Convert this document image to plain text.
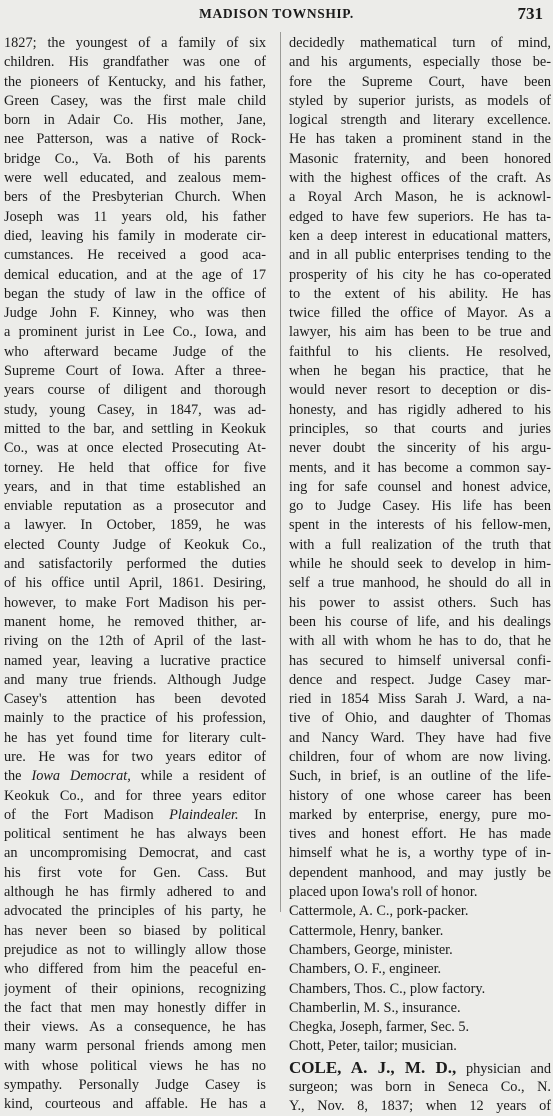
MADISON TOWNSHIP.	731
1827; the youngest of a family of six
children. His grandfather was one of
the pioneers of Kentucky, and his father,
Green Casey, was the first male child
born in Adair Co. His mother, Jane,
nee Patterson, was a native of Rock-
bridge Co., Va. Both of his parents
were well educated, and zealous mem-
bers of the Presbyterian Church. When
Joseph was 11 years old, his father
died, leaving his family in moderate cir-
cumstances. He received a good aca-
demical education, and at the age of 17
began the study of law in the office of
Judge John F. Kinney, who was then
a prominent jurist in Lee Co., Iowa, and
who afterward became Judge of the
Supreme Court of Iowa. After a three-
years course of diligent and thorough
study, young Casey, in 1847, was ad-
mitted to the bar, and settling in Keokuk
Co., was at once elected Prosecuting At-
torney. He held that office for five
years, and in that time established an
enviable reputation as a prosecutor and
a lawyer. In October, 1859, he was
elected County Judge of Keokuk Co.,
and satisfactorily performed the duties
of his office until April, 1861. Desiring,
however, to make Fort Madison his per-
manent home, he removed thither, ar-
riving on the 12th of April of the last-
named year, leaving a lucrative practice
and many true friends. Although Judge
Casey's attention has been devoted
mainly to the practice of his profession,
he has yet found time for literary cult-
ure. He was for two years editor of
the Iowa Democrat, while a resident of
Keokuk Co., and for three years editor
of the Fort Madison Plaindealer. In
political sentiment he has always been
an uncompromising Democrat, and cast
his first vote for Gen. Cass. But
although he has firmly adhered to and
advocated the principles of his party, he
has never been so biased by political
prejudice as not to willingly allow those
who differed from him the peaceful en-
joyment of their opinions, recognizing
the fact that men may honestly differ in
their views. As a consequence, he has
many warm personal friends among men
with whose political views he has no
sympathy. Personally Judge Casey is
kind, courteous and affable. He has a
decidedly mathematical turn of mind,
and his arguments, especially those be-
fore the Supreme Court, have been
styled by superior jurists, as models of
logical strength and literary excellence.
He has taken a prominent stand in the
Masonic fraternity, and been honored
with the highest offices of the craft. As
a Royal Arch Mason, he is acknowl-
edged to have few superiors. He has ta-
ken a deep interest in educational matters,
and in all public enterprises tending to the
prosperity of his city he has co-operated
to the extent of his ability. He has
twice filled the office of Mayor. As a
lawyer, his aim has been to be true and
faithful to his clients. He resolved,
when he began his practice, that he
would never resort to deception or dis-
honesty, and has rigidly adhered to his
principles, so that courts and juries
never doubt the sincerity of his argu-
ments, and it has become a common say-
ing for safe counsel and honest advice,
go to Judge Casey. His life has been
spent in the interests of his fellow-men,
with a full realization of the truth that
while he should seek to develop in him-
self a true manhood, he should do all in
his power to assist others. Such has
been his course of life, and his dealings
with all with whom he has to do, that he
has secured to himself universal confi-
dence and respect. Judge Casey mar-
ried in 1854 Miss Sarah J. Ward, a na-
tive of Ohio, and daughter of Thomas
and Nancy Ward. They have had five
children, four of whom are now living.
Such, in brief, is an outline of the life-
history of one whose career has been
marked by enterprise, energy, pure mo-
tives and honest effort. He has made
himself what he is, a worthy type of in-
dependent manhood, and may justly be
placed upon Iowa's roll of honor.
Cattermole, A. C., pork-packer.
Cattermole, Henry, banker.
Chambers, George, minister.
Chambers, O. F., engineer.
Chambers, Thos. C., plow factory.
Chamberlin, M. S., insurance.
Chegka, Joseph, farmer, Sec. 5.
Chott, Peter, tailor; musician.
COLE, A. J., M. D., physician and
surgeon; was born in Seneca Co., N.
Y., Nov. 8, 1837; when 12 years of
